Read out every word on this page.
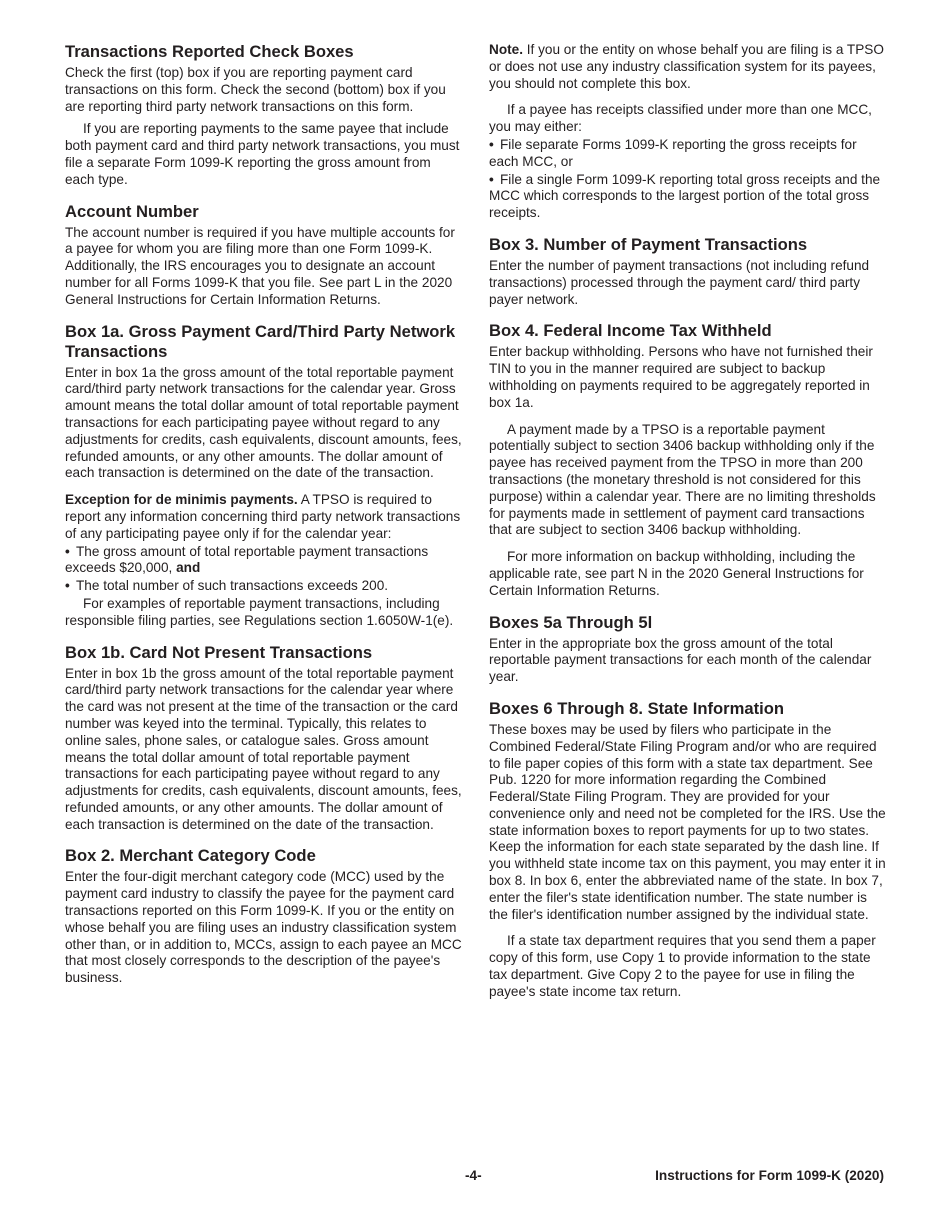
Transactions Reported Check Boxes

Check the first (top) box if you are reporting payment card transactions on this form. Check the second (bottom) box if you are reporting third party network transactions on this form.

If you are reporting payments to the same payee that include both payment card and third party network transactions, you must file a separate Form 1099-K reporting the gross amount from each type.

Account Number

The account number is required if you have multiple accounts for a payee for whom you are filing more than one Form 1099-K. Additionally, the IRS encourages you to designate an account number for all Forms 1099-K that you file. See part L in the 2020 General Instructions for Certain Information Returns.

Box 1a. Gross Payment Card/Third Party Network Transactions

Enter in box 1a the gross amount of the total reportable payment card/third party network transactions for the calendar year. Gross amount means the total dollar amount of total reportable payment transactions for each participating payee without regard to any adjustments for credits, cash equivalents, discount amounts, fees, refunded amounts, or any other amounts. The dollar amount of each transaction is determined on the date of the transaction.

Exception for de minimis payments. A TPSO is required to report any information concerning third party network transactions of any participating payee only if for the calendar year:

• The gross amount of total reportable payment transactions exceeds $20,000, and

• The total number of such transactions exceeds 200.

For examples of reportable payment transactions, including responsible filing parties, see Regulations section 1.6050W-1(e).

Box 1b. Card Not Present Transactions

Enter in box 1b the gross amount of the total reportable payment card/third party network transactions for the calendar year where the card was not present at the time of the transaction or the card number was keyed into the terminal. Typically, this relates to online sales, phone sales, or catalogue sales. Gross amount means the total dollar amount of total reportable payment transactions for each participating payee without regard to any adjustments for credits, cash equivalents, discount amounts, fees, refunded amounts, or any other amounts. The dollar amount of each transaction is determined on the date of the transaction.

Box 2. Merchant Category Code

Enter the four-digit merchant category code (MCC) used by the payment card industry to classify the payee for the payment card transactions reported on this Form 1099-K. If you or the entity on whose behalf you are filing uses an industry classification system other than, or in addition to, MCCs, assign to each payee an MCC that most closely corresponds to the description of the payee's business.

Note. If you or the entity on whose behalf you are filing is a TPSO or does not use any industry classification system for its payees, you should not complete this box.

If a payee has receipts classified under more than one MCC, you may either:

• File separate Forms 1099-K reporting the gross receipts for each MCC, or

• File a single Form 1099-K reporting total gross receipts and the MCC which corresponds to the largest portion of the total gross receipts.

Box 3. Number of Payment Transactions

Enter the number of payment transactions (not including refund transactions) processed through the payment card/ third party payer network.

Box 4. Federal Income Tax Withheld

Enter backup withholding. Persons who have not furnished their TIN to you in the manner required are subject to backup withholding on payments required to be aggregately reported in box 1a.

A payment made by a TPSO is a reportable payment potentially subject to section 3406 backup withholding only if the payee has received payment from the TPSO in more than 200 transactions (the monetary threshold is not considered for this purpose) within a calendar year. There are no limiting thresholds for payments made in settlement of payment card transactions that are subject to section 3406 backup withholding.

For more information on backup withholding, including the applicable rate, see part N in the 2020 General Instructions for Certain Information Returns.

Boxes 5a Through 5l

Enter in the appropriate box the gross amount of the total reportable payment transactions for each month of the calendar year.

Boxes 6 Through 8. State Information

These boxes may be used by filers who participate in the Combined Federal/State Filing Program and/or who are required to file paper copies of this form with a state tax department. See Pub. 1220 for more information regarding the Combined Federal/State Filing Program. They are provided for your convenience only and need not be completed for the IRS. Use the state information boxes to report payments for up to two states. Keep the information for each state separated by the dash line. If you withheld state income tax on this payment, you may enter it in box 8. In box 6, enter the abbreviated name of the state. In box 7, enter the filer's state identification number. The state number is the filer's identification number assigned by the individual state.

If a state tax department requires that you send them a paper copy of this form, use Copy 1 to provide information to the state tax department. Give Copy 2 to the payee for use in filing the payee's state income tax return.

-4-	Instructions for Form 1099-K (2020)
